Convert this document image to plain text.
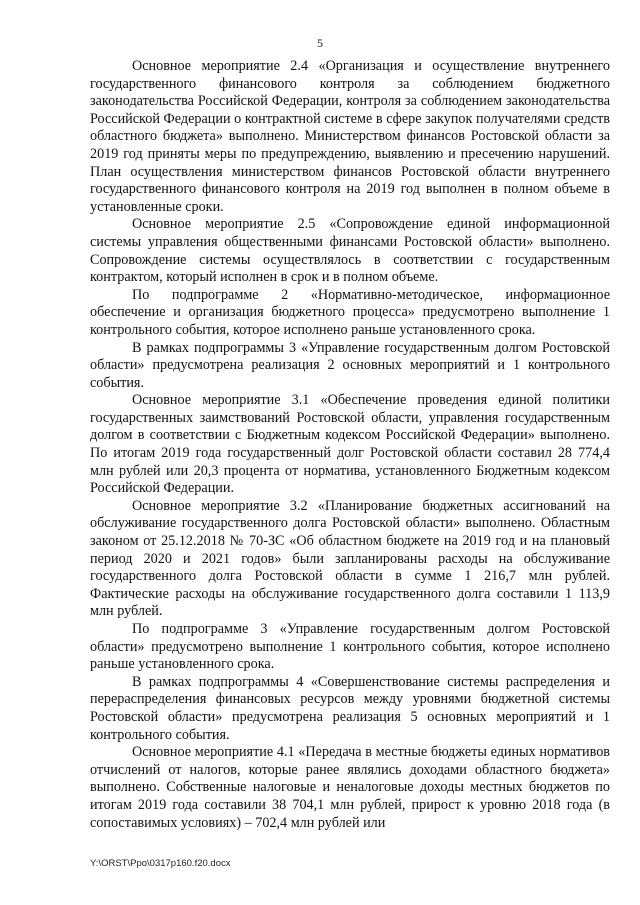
5

Основное мероприятие 2.4 «Организация и осуществление внутреннего государственного финансового контроля за соблюдением бюджетного законодательства Российской Федерации, контроля за соблюдением законодательства Российской Федерации о контрактной системе в сфере закупок получателями средств областного бюджета» выполнено. Министерством финансов Ростовской области за 2019 год приняты меры по предупреждению, выявлению и пресечению нарушений. План осуществления министерством финансов Ростовской области внутреннего государственного финансового контроля на 2019 год выполнен в полном объеме в установленные сроки.

Основное мероприятие 2.5 «Сопровождение единой информационной системы управления общественными финансами Ростовской области» выполнено. Сопровождение системы осуществлялось в соответствии с государственным контрактом, который исполнен в срок и в полном объеме.

По подпрограмме 2 «Нормативно-методическое, информационное обеспечение и организация бюджетного процесса» предусмотрено выполнение 1 контрольного события, которое исполнено раньше установленного срока.

В рамках подпрограммы 3 «Управление государственным долгом Ростовской области» предусмотрена реализация 2 основных мероприятий и 1 контрольного события.

Основное мероприятие 3.1 «Обеспечение проведения единой политики государственных заимствований Ростовской области, управления государственным долгом в соответствии с Бюджетным кодексом Российской Федерации» выполнено. По итогам 2019 года государственный долг Ростовской области составил 28 774,4 млн рублей или 20,3 процента от норматива, установленного Бюджетным кодексом Российской Федерации.

Основное мероприятие 3.2 «Планирование бюджетных ассигнований на обслуживание государственного долга Ростовской области» выполнено. Областным законом от 25.12.2018 № 70-ЗС «Об областном бюджете на 2019 год и на плановый период 2020 и 2021 годов» были запланированы расходы на обслуживание государственного долга Ростовской области в сумме 1 216,7 млн рублей. Фактические расходы на обслуживание государственного долга составили 1 113,9 млн рублей.

По подпрограмме 3 «Управление государственным долгом Ростовской области» предусмотрено выполнение 1 контрольного события, которое исполнено раньше установленного срока.

В рамках подпрограммы 4 «Совершенствование системы распределения и перераспределения финансовых ресурсов между уровнями бюджетной системы Ростовской области» предусмотрена реализация 5 основных мероприятий и 1 контрольного события.

Основное мероприятие 4.1 «Передача в местные бюджеты единых нормативов отчислений от налогов, которые ранее являлись доходами областного бюджета» выполнено. Собственные налоговые и неналоговые доходы местных бюджетов по итогам 2019 года составили 38 704,1 млн рублей, прирост к уровню 2018 года (в сопоставимых условиях) – 702,4 млн рублей или

Y:\ORST\Ppo\0317p160.f20.docx
